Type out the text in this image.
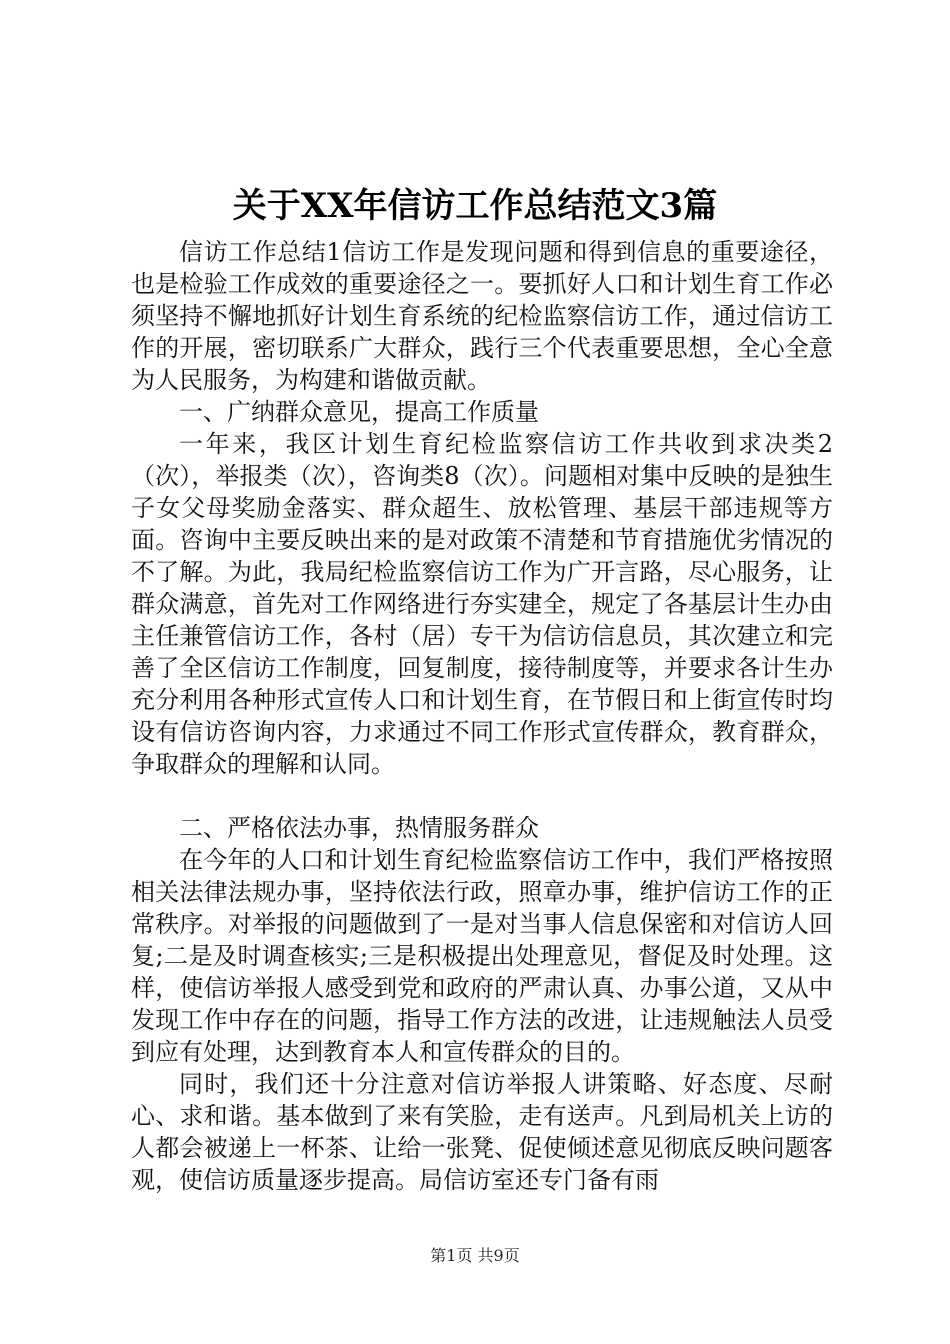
关于XX年信访工作总结范文3篇

信访工作总结1信访工作是发现问题和得到信息的重要途径，也是检验工作成效的重要途径之一。要抓好人口和计划生育工作必须坚持不懈地抓好计划生育系统的纪检监察信访工作，通过信访工作的开展，密切联系广大群众，践行三个代表重要思想，全心全意为人民服务，为构建和谐做贡献。

一、广纳群众意见，提高工作质量

一年来，我区计划生育纪检监察信访工作共收到求决类2（次），举报类（次），咨询类8（次）。问题相对集中反映的是独生子女父母奖励金落实、群众超生、放松管理、基层干部违规等方面。咨询中主要反映出来的是对政策不清楚和节育措施优劣情况的不了解。为此，我局纪检监察信访工作为广开言路，尽心服务，让群众满意，首先对工作网络进行夯实建全，规定了各基层计生办由主任兼管信访工作，各村（居）专干为信访信息员，其次建立和完善了全区信访工作制度，回复制度，接待制度等，并要求各计生办充分利用各种形式宣传人口和计划生育，在节假日和上街宣传时均设有信访咨询内容，力求通过不同工作形式宣传群众，教育群众，争取群众的理解和认同。

二、严格依法办事，热情服务群众

在今年的人口和计划生育纪检监察信访工作中，我们严格按照相关法律法规办事，坚持依法行政，照章办事，维护信访工作的正常秩序。对举报的问题做到了一是对当事人信息保密和对信访人回复;二是及时调查核实;三是积极提出处理意见，督促及时处理。这样，使信访举报人感受到党和政府的严肃认真、办事公道，又从中发现工作中存在的问题，指导工作方法的改进，让违规触法人员受到应有处理，达到教育本人和宣传群众的目的。

同时，我们还十分注意对信访举报人讲策略、好态度、尽耐心、求和谐。基本做到了来有笑脸，走有送声。凡到局机关上访的人都会被递上一杯茶、让给一张凳、促使倾述意见彻底反映问题客观，使信访质量逐步提高。局信访室还专门备有雨

第1页 共9页
